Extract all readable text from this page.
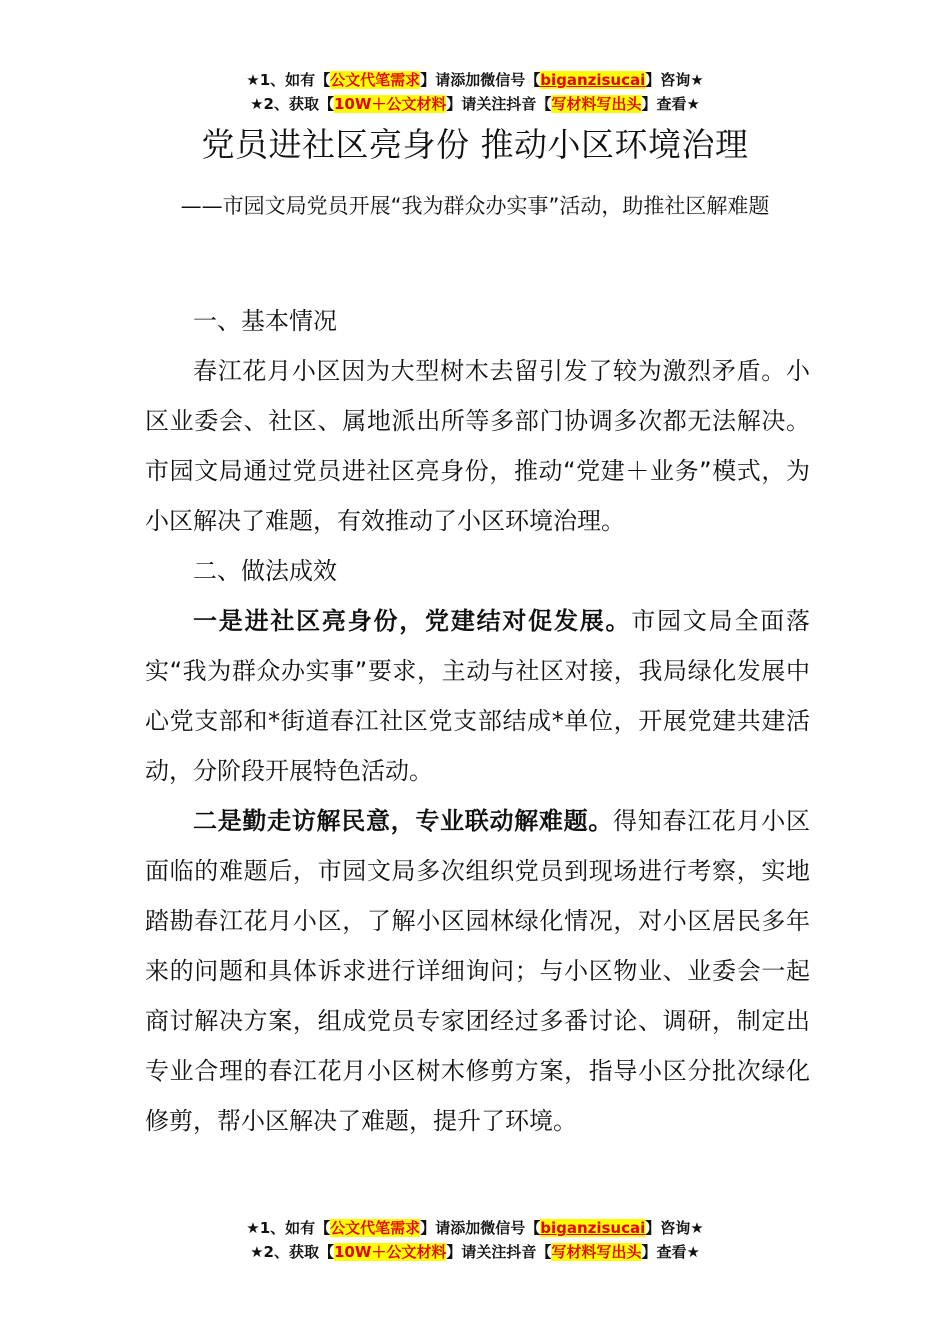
★1、如有【公文代笔需求】请添加微信号【biganzisucai】咨询★
★2、获取【10W＋公文材料】请关注抖音【写材料写出头】查看★
党员进社区亮身份 推动小区环境治理
——市园文局党员开展“我为群众办实事”活动，助推社区解难题

一、基本情况

春江花月小区因为大型树木去留引发了较为激烈矛盾。小区业委会、社区、属地派出所等多部门协调多次都无法解决。市园文局通过党员进社区亮身份，推动“党建＋业务”模式，为小区解决了难题，有效推动了小区环境治理。

二、做法成效

一是进社区亮身份，党建结对促发展。市园文局全面落实“我为群众办实事”要求，主动与社区对接，我局绿化发展中心党支部和*街道春江社区党支部结成*单位，开展党建共建活动，分阶段开展特色活动。

二是勤走访解民意，专业联动解难题。得知春江花月小区面临的难题后，市园文局多次组织党员到现场进行考察，实地踏勘春江花月小区，了解小区园林绿化情况，对小区居民多年来的问题和具体诉求进行详细询问；与小区物业、业委会一起商讨解决方案，组成党员专家团经过多番讨论、调研，制定出专业合理的春江花月小区树木修剪方案，指导小区分批次绿化修剪，帮小区解决了难题，提升了环境。

★1、如有【公文代笔需求】请添加微信号【biganzisucai】咨询★
★2、获取【10W＋公文材料】请关注抖音【写材料写出头】查看★
